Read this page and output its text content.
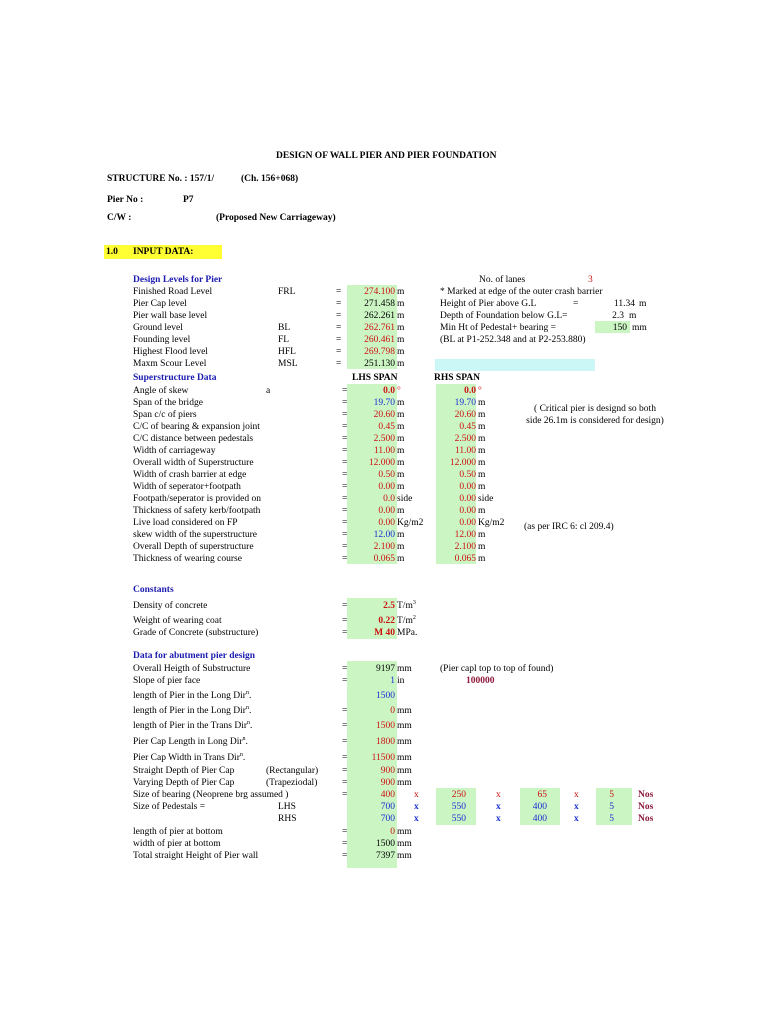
DESIGN OF WALL PIER AND PIER FOUNDATION
STRUCTURE No. : 157/1/	(Ch. 156+068)
Pier No :	P7
C/W :	(Proposed New Carriageway)
1.0 INPUT DATA:
Design Levels for Pier
Finished Road Level	FRL	=	274.100 m
Pier Cap level	=	271.458 m
Pier wall base level	=	262.261 m
Ground level	BL	=	262.761 m
Founding level	FL	=	260.461 m
Highest Flood level	HFL	=	269.798 m
Maxm Scour Level	MSL	=	251.130 m
No. of lanes	3
* Marked at edge of the outer crash barrier
Height of Pier above G.L	=	11.34 m
Depth of Foundation below G.L=	2.3 m
Min Ht of Pedestal+ bearing =	150 mm
(BL at P1-252.348 and at P2-253.880)
Superstructure Data	LHS SPAN	RHS SPAN
Angle of skew	a	=	0.0 °	0.0 °
Span of the bridge	=	19.70 m	19.70 m
Span c/c of piers	=	20.60 m	20.60 m
C/C of bearing & expansion joint	=	0.45 m	0.45 m
C/C distance between pedestals	=	2.500 m	2.500 m
Width of carriageway	=	11.00 m	11.00 m
Overall width of Superstructure	=	12.000 m	12.000 m
Width of crash barrier at edge	=	0.50 m	0.50 m
Width of seperator+footpath	=	0.00 m	0.00 m
Footpath/seperator is provided on	=	0.0 side	0.00 side
Thickness of safety kerb/footpath	=	0.00 m	0.00 m
Live load considered on FP	=	0.00 Kg/m2	0.00 Kg/m2
skew width of the superstructure	=	12.00 m	12.00 m
Overall Depth of superstructure	=	2.100 m	2.100 m
Thickness of wearing course	=	0.065 m	0.065 m
( Critical pier is designd so both
side 26.1m is considered for design)
(as per IRC 6: cl 209.4)
Constants
Density of concrete	=	2.5 $T/m^3$
Weight of wearing coat	=	0.22 $T/m^2$
Grade of Concrete (substructure)	=	M 40 MPa.
Data for abutment pier design
Overall Heigth of Substructure	=	9197 mm
Slope of pier face	=	1 in
length of Pier in the Long Dir$^n$.	1500
length of Pier in the Long Dir$^n$.	=	0 mm
length of Pier in the Trans Dir$^n$.	=	1500 mm
Pier Cap Length in Long Dir$^n$.	=	1800 mm
Pier Cap Width in Trans Dir$^n$.	=	11500 mm
Straight Depth of Pier Cap	(Rectangular)	=	900 mm
Varying Depth of Pier Cap	(Trapeziodal)	=	900 mm
Size of bearing (Neoprene brg assumed )	=	400 x	250	x	65	x	5	Nos
Size of Pedestals =	LHS	700 x	550	x	400	x	5	Nos
RHS	700 x	550	x	400	x	5	Nos
length of pier at bottom	=	0 mm
width of pier at bottom	=	1500 mm
Total straight Height of Pier wall	=	7397 mm
(Pier capl top to top of found)
100000
